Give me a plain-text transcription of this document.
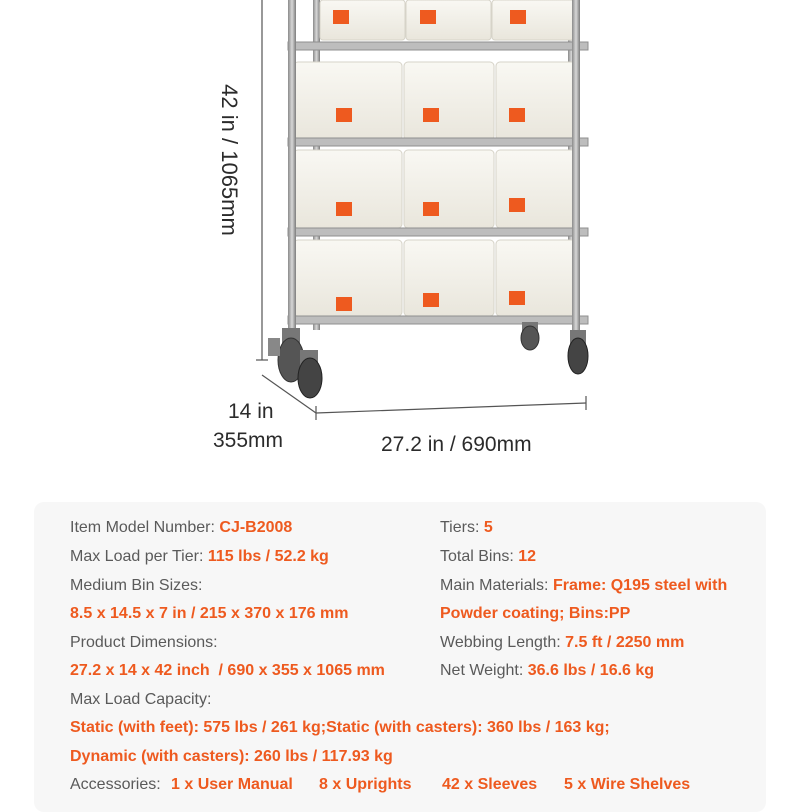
42 in / 1065mm
14 in
355mm	27.2 in / 690mm
Item Model Number: CJ-B2008
Max Load per Tier: 115 lbs / 52.2 kg
Medium Bin Sizes:
8.5 x 14.5 x 7 in / 215 x 370 x 176 mm
Product Dimensions:
27.2 x 14 x 42 inch  / 690 x 355 x 1065 mm
Max Load Capacity:
Static (with feet): 575 lbs / 261 kg;Static (with casters): 360 lbs / 163 kg;
Dynamic (with casters): 260 lbs / 117.93 kg
Tiers: 5
Total Bins: 12
Main Materials: Frame: Q195 steel with
Powder coating; Bins:PP
Webbing Length: 7.5 ft / 2250 mm
Net Weight: 36.6 lbs / 16.6 kg
Accessories: 1 x User Manual 8 x Uprights 42 x Sleeves 5 x Wire Shelves
